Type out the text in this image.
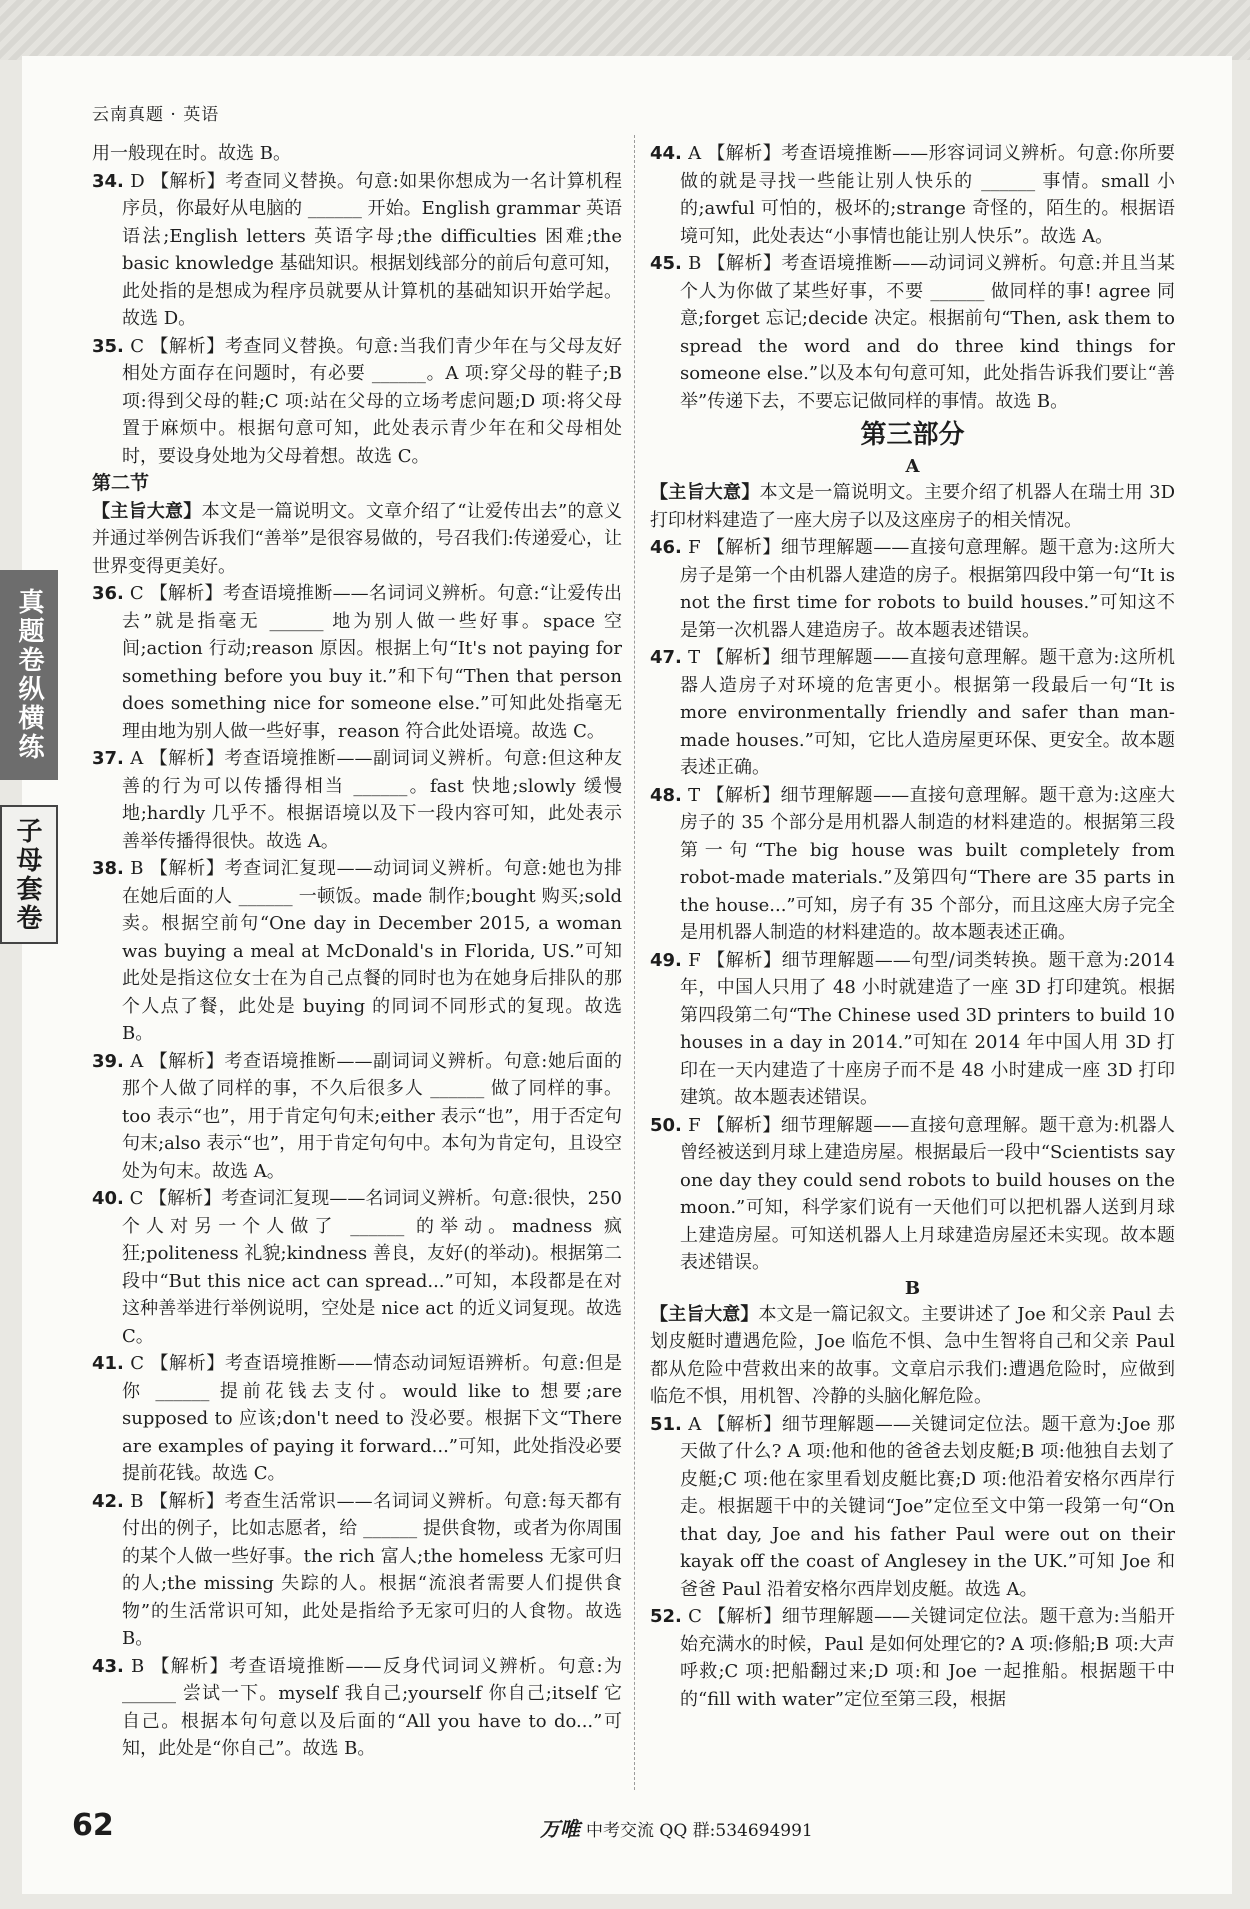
云南真题 · 英语
真题卷纵横练
子母套卷
用一般现在时。故选 B。
34. D 【解析】考查同义替换。句意:如果你想成为一名计算机程序员，你最好从电脑的 ______ 开始。English grammar 英语语法;English letters 英语字母;the difficulties 困难;the basic knowledge 基础知识。根据划线部分的前后句意可知，此处指的是想成为程序员就要从计算机的基础知识开始学起。故选 D。
35. C 【解析】考查同义替换。句意:当我们青少年在与父母友好相处方面存在问题时，有必要 ______。A 项:穿父母的鞋子;B 项:得到父母的鞋;C 项:站在父母的立场考虑问题;D 项:将父母置于麻烦中。根据句意可知，此处表示青少年在和父母相处时，要设身处地为父母着想。故选 C。
第二节
【主旨大意】本文是一篇说明文。文章介绍了“让爱传出去”的意义并通过举例告诉我们“善举”是很容易做的，号召我们:传递爱心，让世界变得更美好。
36. C 【解析】考查语境推断——名词词义辨析。句意:“让爱传出去”就是指毫无 ______ 地为别人做一些好事。space 空间;action 行动;reason 原因。根据上句“It's not paying for something before you buy it.”和下句“Then that person does something nice for someone else.”可知此处指毫无理由地为别人做一些好事，reason 符合此处语境。故选 C。
37. A 【解析】考查语境推断——副词词义辨析。句意:但这种友善的行为可以传播得相当 ______。fast 快地;slowly 缓慢地;hardly 几乎不。根据语境以及下一段内容可知，此处表示善举传播得很快。故选 A。
38. B 【解析】考查词汇复现——动词词义辨析。句意:她也为排在她后面的人 ______ 一顿饭。made 制作;bought 购买;sold 卖。根据空前句“One day in December 2015, a woman was buying a meal at McDonald's in Florida, US.”可知此处是指这位女士在为自己点餐的同时也为在她身后排队的那个人点了餐，此处是 buying 的同词不同形式的复现。故选 B。
39. A 【解析】考查语境推断——副词词义辨析。句意:她后面的那个人做了同样的事，不久后很多人 ______ 做了同样的事。too 表示“也”，用于肯定句句末;either 表示“也”，用于否定句句末;also 表示“也”，用于肯定句句中。本句为肯定句，且设空处为句末。故选 A。
40. C 【解析】考查词汇复现——名词词义辨析。句意:很快，250 个人对另一个人做了 ______ 的举动。madness 疯狂;politeness 礼貌;kindness 善良，友好(的举动)。根据第二段中“But this nice act can spread...”可知，本段都是在对这种善举进行举例说明，空处是 nice act 的近义词复现。故选 C。
41. C 【解析】考查语境推断——情态动词短语辨析。句意:但是你 ______ 提前花钱去支付。would like to 想要;are supposed to 应该;don't need to 没必要。根据下文“There are examples of paying it forward...”可知，此处指没必要提前花钱。故选 C。
42. B 【解析】考查生活常识——名词词义辨析。句意:每天都有付出的例子，比如志愿者，给 ______ 提供食物，或者为你周围的某个人做一些好事。the rich 富人;the homeless 无家可归的人;the missing 失踪的人。根据“流浪者需要人们提供食物”的生活常识可知，此处是指给予无家可归的人食物。故选 B。
43. B 【解析】考查语境推断——反身代词词义辨析。句意:为 ______ 尝试一下。myself 我自己;yourself 你自己;itself 它自己。根据本句句意以及后面的“All you have to do...”可知，此处是“你自己”。故选 B。
44. A 【解析】考查语境推断——形容词词义辨析。句意:你所要做的就是寻找一些能让别人快乐的 ______ 事情。small 小的;awful 可怕的，极坏的;strange 奇怪的，陌生的。根据语境可知，此处表达“小事情也能让别人快乐”。故选 A。
45. B 【解析】考查语境推断——动词词义辨析。句意:并且当某个人为你做了某些好事，不要 ______ 做同样的事! agree 同意;forget 忘记;decide 决定。根据前句“Then, ask them to spread the word and do three kind things for someone else.”以及本句句意可知，此处指告诉我们要让“善举”传递下去，不要忘记做同样的事情。故选 B。
第三部分
A
【主旨大意】本文是一篇说明文。主要介绍了机器人在瑞士用 3D 打印材料建造了一座大房子以及这座房子的相关情况。
46. F 【解析】细节理解题——直接句意理解。题干意为:这所大房子是第一个由机器人建造的房子。根据第四段中第一句“It is not the first time for robots to build houses.”可知这不是第一次机器人建造房子。故本题表述错误。
47. T 【解析】细节理解题——直接句意理解。题干意为:这所机器人造房子对环境的危害更小。根据第一段最后一句“It is more environmentally friendly and safer than man-made houses.”可知，它比人造房屋更环保、更安全。故本题表述正确。
48. T 【解析】细节理解题——直接句意理解。题干意为:这座大房子的 35 个部分是用机器人制造的材料建造的。根据第三段第一句“The big house was built completely from robot-made materials.”及第四句“There are 35 parts in the house...”可知，房子有 35 个部分，而且这座大房子完全是用机器人制造的材料建造的。故本题表述正确。
49. F 【解析】细节理解题——句型/词类转换。题干意为:2014 年，中国人只用了 48 小时就建造了一座 3D 打印建筑。根据第四段第二句“The Chinese used 3D printers to build 10 houses in a day in 2014.”可知在 2014 年中国人用 3D 打印在一天内建造了十座房子而不是 48 小时建成一座 3D 打印建筑。故本题表述错误。
50. F 【解析】细节理解题——直接句意理解。题干意为:机器人曾经被送到月球上建造房屋。根据最后一段中“Scientists say one day they could send robots to build houses on the moon.”可知，科学家们说有一天他们可以把机器人送到月球上建造房屋。可知送机器人上月球建造房屋还未实现。故本题表述错误。
B
【主旨大意】本文是一篇记叙文。主要讲述了 Joe 和父亲 Paul 去划皮艇时遭遇危险，Joe 临危不惧、急中生智将自己和父亲 Paul 都从危险中营救出来的故事。文章启示我们:遭遇危险时，应做到临危不惧，用机智、冷静的头脑化解危险。
51. A 【解析】细节理解题——关键词定位法。题干意为:Joe 那天做了什么? A 项:他和他的爸爸去划皮艇;B 项:他独自去划了皮艇;C 项:他在家里看划皮艇比赛;D 项:他沿着安格尔西岸行走。根据题干中的关键词“Joe”定位至文中第一段第一句“On that day, Joe and his father Paul were out on their kayak off the coast of Anglesey in the UK.”可知 Joe 和爸爸 Paul 沿着安格尔西岸划皮艇。故选 A。
52. C 【解析】细节理解题——关键词定位法。题干意为:当船开始充满水的时候，Paul 是如何处理它的? A 项:修船;B 项:大声呼救;C 项:把船翻过来;D 项:和 Joe 一起推船。根据题干中的“fill with water”定位至第三段，根据
62	万唯 中考交流 QQ 群:534694991
